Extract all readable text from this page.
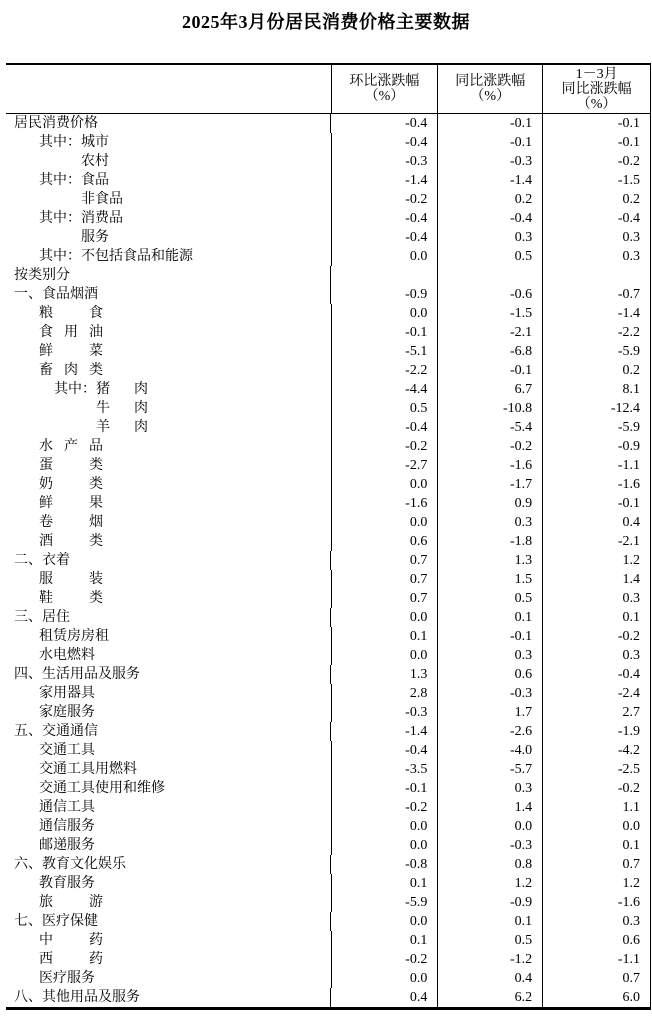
2025年3月份居民消费价格主要数据
环比涨跌幅
（%）
同比涨跌幅
（%）
1－3月
同比涨跌幅
（%）
居民消费价格	-0.4	-0.1	-0.1
其中：城市	-0.4	-0.1	-0.1
农村	-0.3	-0.3	-0.2
其中：食品	-1.4	-1.4	-1.5
非食品	-0.2	0.2	0.2
其中：消费品	-0.4	-0.4	-0.4
服务	-0.4	0.3	0.3
其中：不包括食品和能源	0.0	0.5	0.3
按类别分
一、食品烟酒	-0.9	-0.6	-0.7
粮食	0.0	-1.5	-1.4
食用油	-0.1	-2.1	-2.2
鲜菜	-5.1	-6.8	-5.9
畜肉类	-2.2	-0.1	0.2
其中：猪肉	-4.4	6.7	8.1
牛肉	0.5	-10.8	-12.4
羊肉	-0.4	-5.4	-5.9
水产品	-0.2	-0.2	-0.9
蛋类	-2.7	-1.6	-1.1
奶类	0.0	-1.7	-1.6
鲜果	-1.6	0.9	-0.1
卷烟	0.0	0.3	0.4
酒类	0.6	-1.8	-2.1
二、衣着	0.7	1.3	1.2
服装	0.7	1.5	1.4
鞋类	0.7	0.5	0.3
三、居住	0.0	0.1	0.1
租赁房房租	0.1	-0.1	-0.2
水电燃料	0.0	0.3	0.3
四、生活用品及服务	1.3	0.6	-0.4
家用器具	2.8	-0.3	-2.4
家庭服务	-0.3	1.7	2.7
五、交通通信	-1.4	-2.6	-1.9
交通工具	-0.4	-4.0	-4.2
交通工具用燃料	-3.5	-5.7	-2.5
交通工具使用和维修	-0.1	0.3	-0.2
通信工具	-0.2	1.4	1.1
通信服务	0.0	0.0	0.0
邮递服务	0.0	-0.3	0.1
六、教育文化娱乐	-0.8	0.8	0.7
教育服务	0.1	1.2	1.2
旅游	-5.9	-0.9	-1.6
七、医疗保健	0.0	0.1	0.3
中药	0.1	0.5	0.6
西药	-0.2	-1.2	-1.1
医疗服务	0.0	0.4	0.7
八、其他用品及服务	0.4	6.2	6.0
